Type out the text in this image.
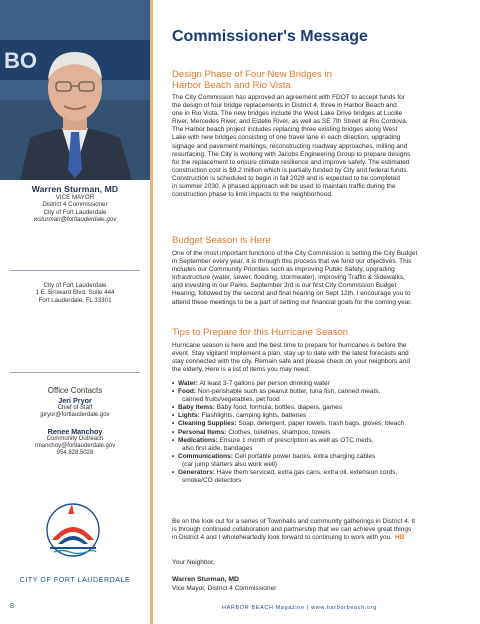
BO
Warren Sturman, MD
VICE MAYOR
District 4 Commissioner
City of Fort Lauderdale
wsturman@fortlauderdale.gov
City of Fort Lauderdale
1 E. Broward Blvd. Suite 444
Fort Lauderdale, FL 33301
Office Contacts
Jeri Pryor
Chief of Staff
jpryor@fortlauderdale.gov
Renee Manchoy
Community Outreach
rmanchoy@fortlauderdale.gov
954.828.5028
CITY OF FORT LAUDERDALE
Commissioner's Message
Design Phase of Four New Bridges in
Harbor Beach and Rio Vista
The City Commission has approved an agreement with FDOT to accept funds for
the design of four bridge replacements in District 4, three in Harbor Beach and
one in Rio Vista. The new bridges include the West Lake Drive bridges at Lucille
River, Mercedes River, and Estelle River, as well as SE 7th Street at Rio Cordova.
The Harbor beach project includes replacing three existing bridges along West
Lake with new bridges consisting of one travel lane in each direction, upgrading
signage and pavement markings, reconstructing roadway approaches, milling and
resurfacing. The City is working with Jacobs Engineering Group to prepare designs
for the replacement to ensure climate resilience and improve safety. The estimated
construction cost is $9.2 million which is partially funded by City and federal funds.
Construction is scheduled to begin in fall 2028 and is expected to be completed
in summer 2030. A phased approach will be used to maintain traffic during the
construction phase to limit impacts to the neighborhood.
Budget Season is Here
One of the most important functions of the City Commission is setting the City Budget
in September every year. It is through this process that we fund our objectives. This
includes our Community Priorities such as improving Public Safety, upgrading
Infrastructure (water, sewer, flooding, stormwater), improving Traffic & Sidewalks,
and investing in our Parks. September 3rd is our first City Commission Budget
Hearing, followed by the second and final hearing on Sept 12th. I encourage you to
attend these meetings to be a part of setting our financial goals for the coming year.
Tips to Prepare for this Hurricane Season
Hurricane season is here and the best time to prepare for hurricanes is before the
event. Stay vigilant! Implement a plan, stay up to date with the latest forecasts and
stay connected with the city. Remain safe and please check on your neighbors and
the elderly. Here is a list of items you may need:
• Water: At least 3-7 gallons per person drinking water
• Food: Non-perishable such as peanut butter, tuna fish, canned meats,
canned fruits/vegetables, pet food
• Baby Items: Baby food, formula, bottles, diapers, games
• Lights: Flashlights, camping lights, batteries
• Cleaning Supplies: Soap, detergent, paper towels, trash bags, gloves, bleach
• Personal Items: Clothes, toiletries, shampoo, towels
• Medications: Ensure 1 month of prescription as well as OTC meds,
also first aide, bandages
• Communications: Cell portable power banks, extra charging cables
(car jump starters also work well)
• Generators: Have them serviced, extra gas cans, extra oil, extension cords,
smoke/CO detectors
Be on the look out for a series of Townhalls and community gatherings in District 4. It
is through continued collaboration and partnership that we can achieve great things
in District 4 and I wholeheartedly look forward to continuing to work with you. HB
Your Neighbor,
Warren Sturman, MD
Vice Mayor, District 4 Commissioner
8	HARBOR BEACH Magazine | www.harborbeach.org
